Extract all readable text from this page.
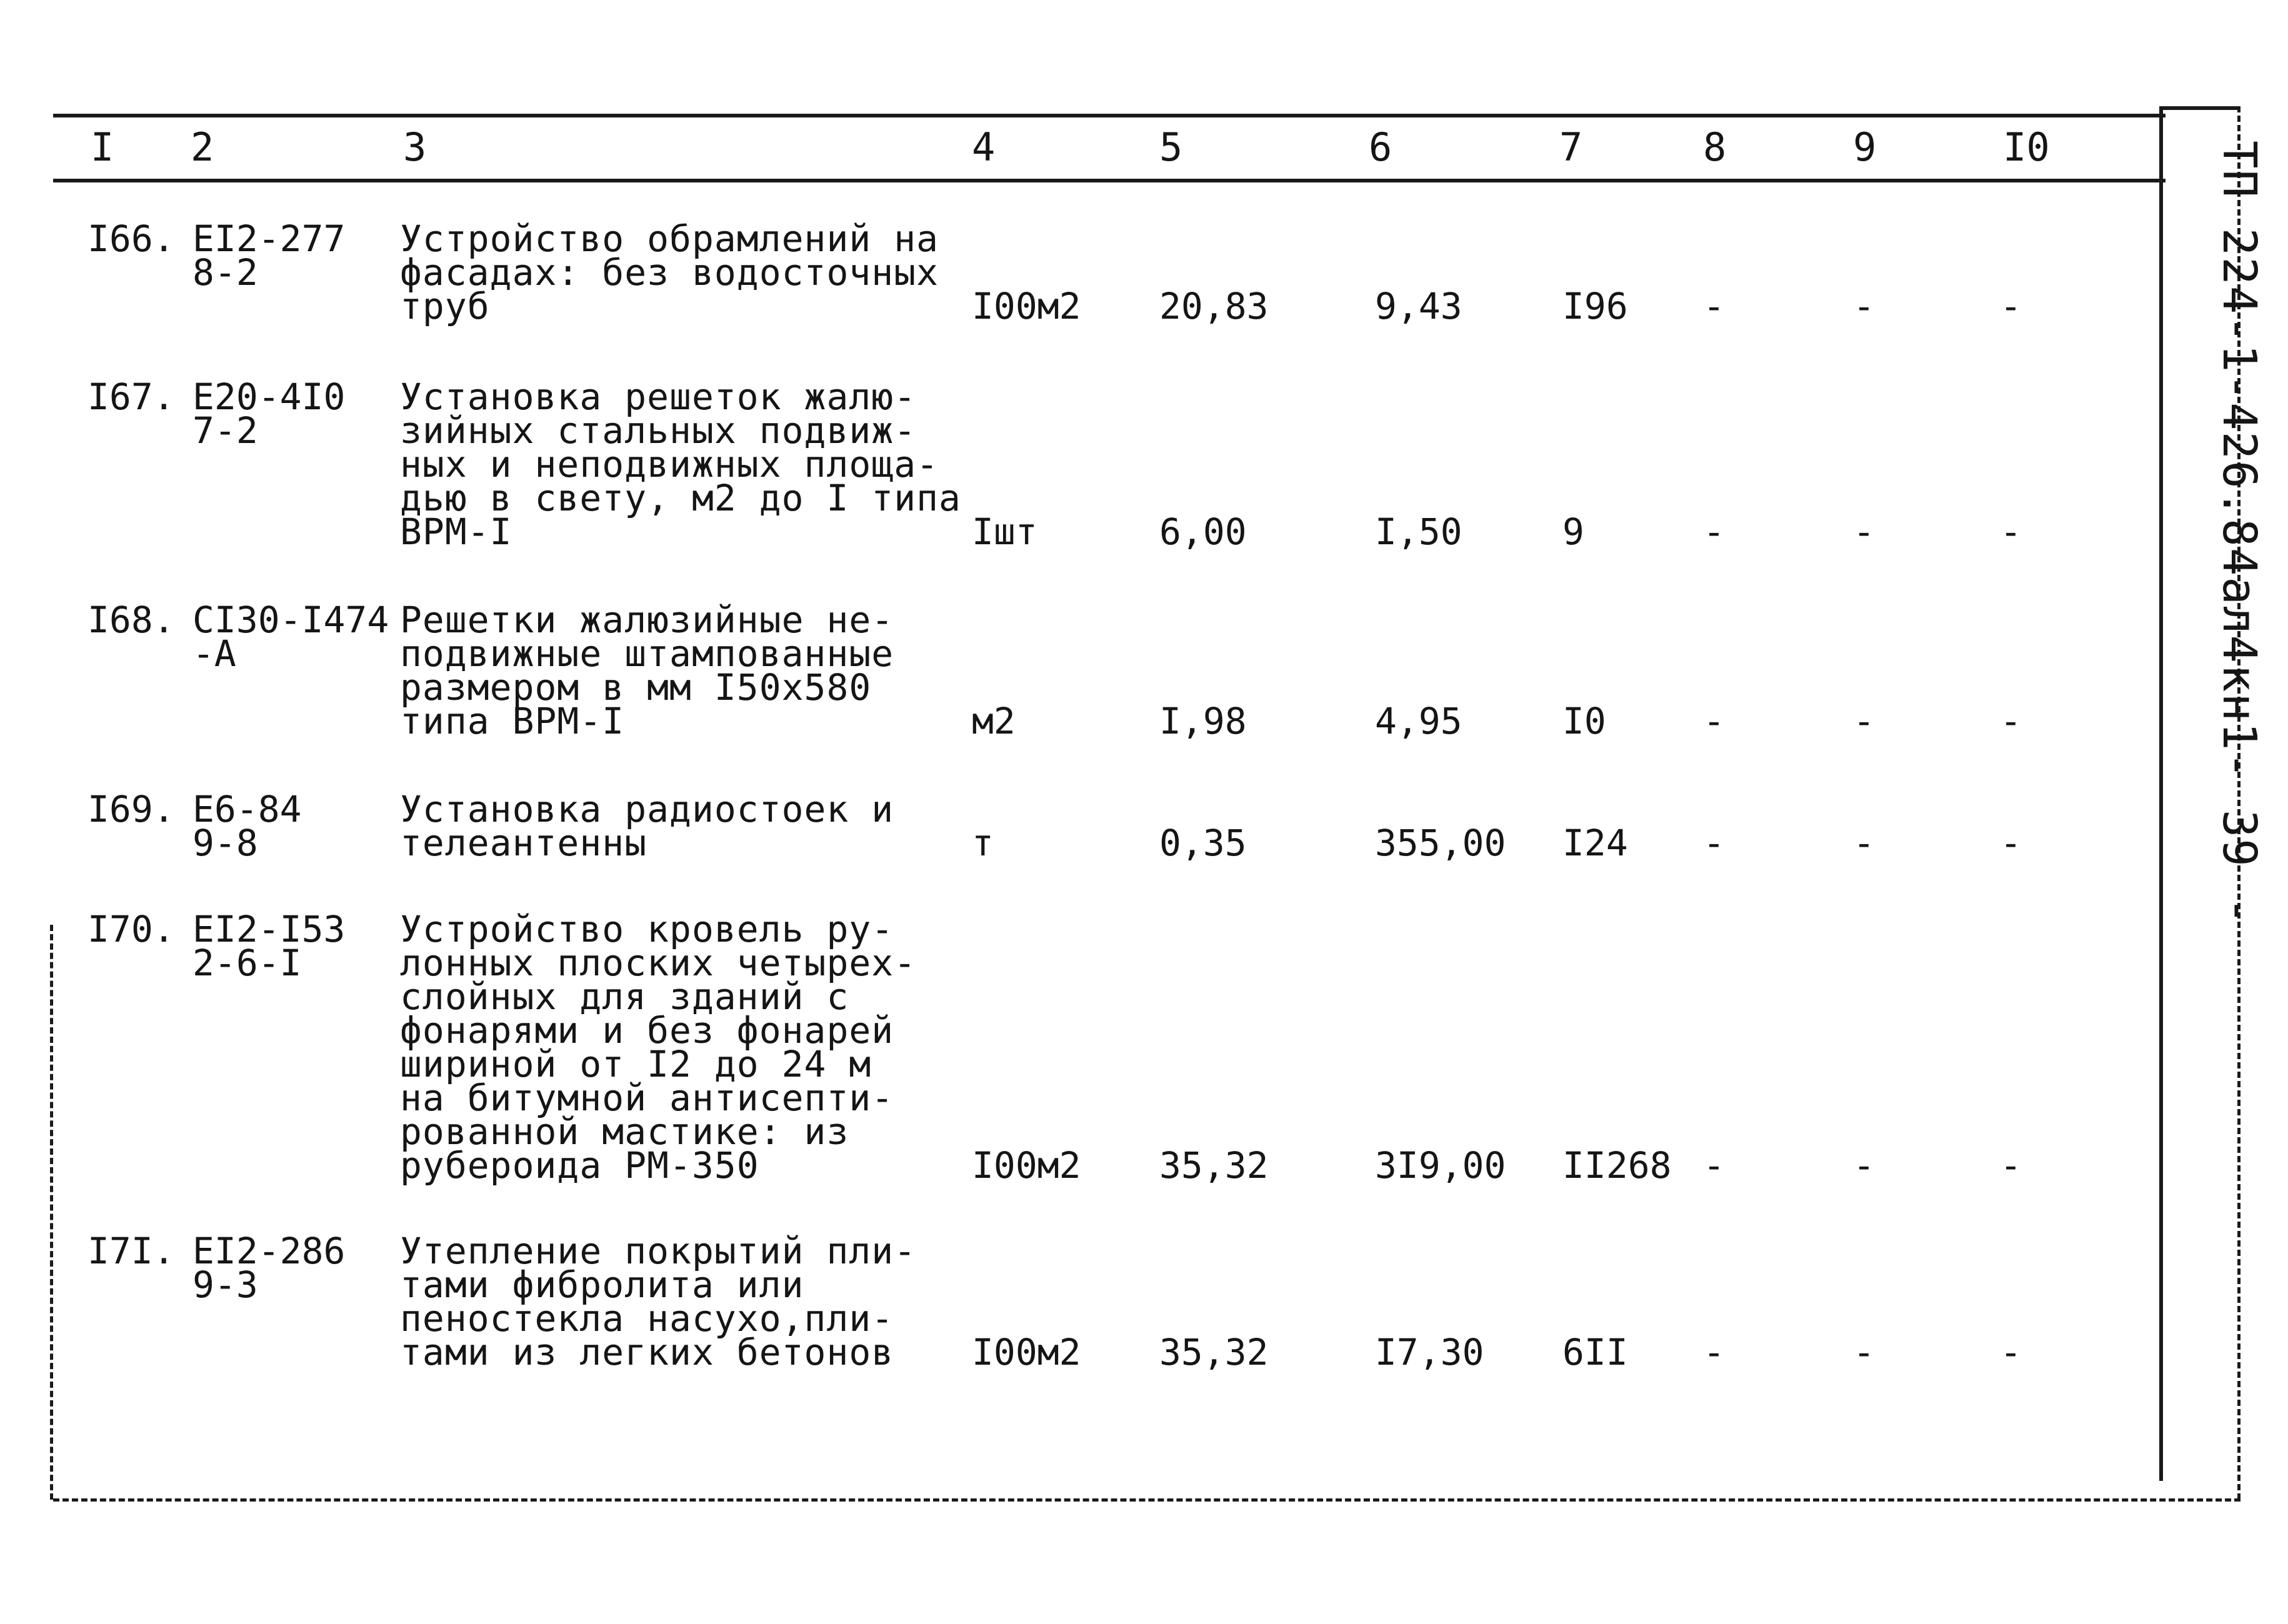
I 2	3	4	5	6	7	8	9	I0
I66. EI2-277
8-2
Устройство обрамлений на
фасадах: без водосточных
труб	I00м2 20,83	9,43	I96 -	-	-
I67. E20-4I0
7-2
Установка решеток жалю-
зийных стальных подвиж-
ных и неподвижных площа-
дью в свету, м2 до I типа
ВРМ-I	Iшт	6,00	I,50	9	-	-	-
I68. CI30-I474
-A
Решетки жалюзийные не-
подвижные штампованные
размером в мм I50x580
типа ВРМ-I	м2	I,98	4,95	I0	-	-	-
I69. E6-84
9-8
Установка радиостоек и
телеантенны	т	0,35	355,00 I24 -	-	-
I70. EI2-I53
2-6-I
Устройство кровель ру-
лонных плоских четырех-
слойных для зданий с
фонарями и без фонарей
шириной от I2 до 24 м
на битумной антисепти-
рованной мастике: из
рубероида РМ-350	I00м2 35,32	3I9,00 II268 -	-	-
I7I. EI2-286
9-3
Утепление покрытий пли-
тами фибролита или
пеностекла насухо,пли-
тами из легких бетонов	I00м2 35,32	I7,30 6II -	-	-
ТП 224-1-426.84ал4кн1- 39 -
